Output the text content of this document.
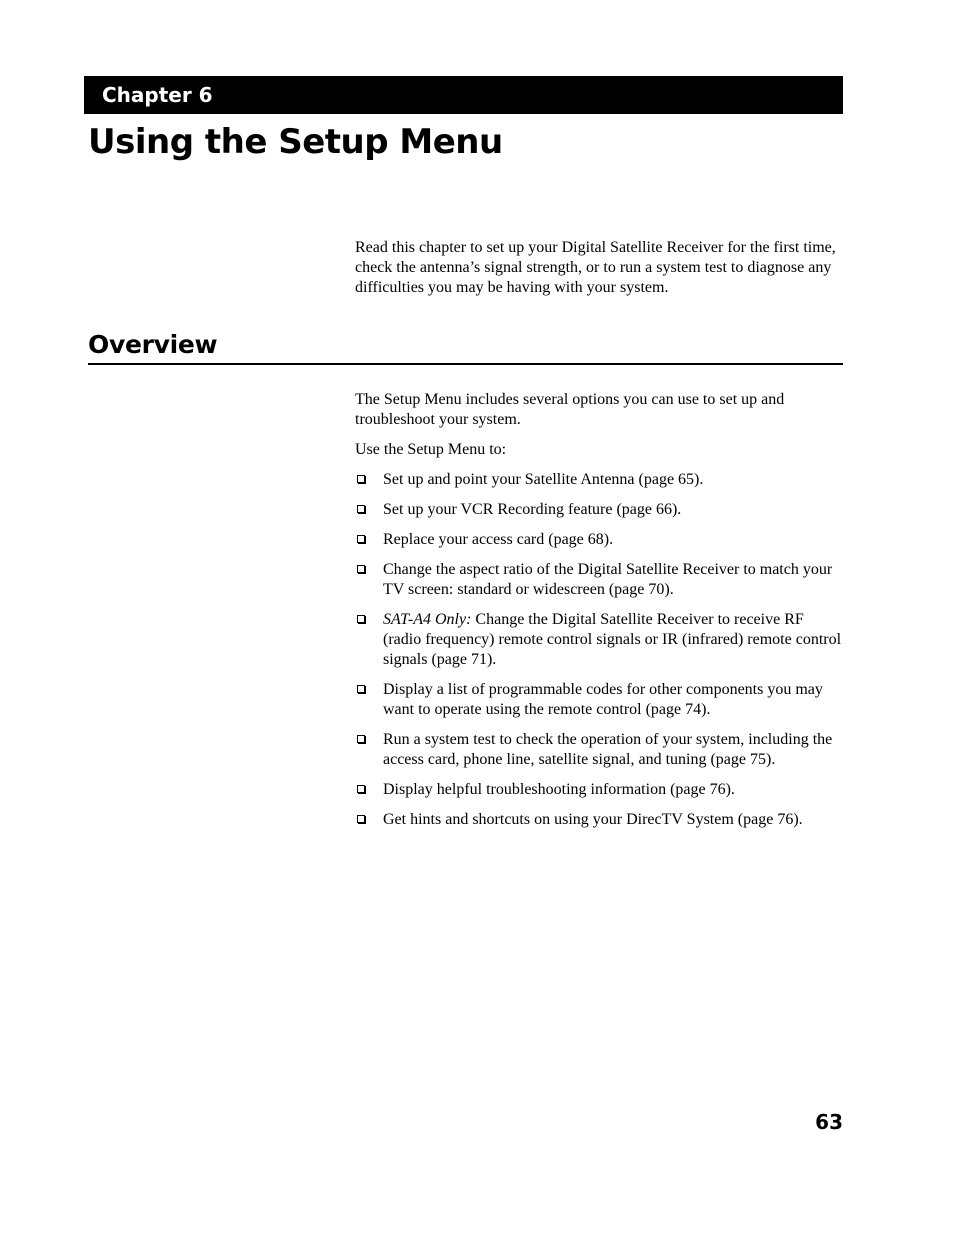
Chapter 6
Using the Setup Menu

Read this chapter to set up your Digital Satellite Receiver for the first time, check the antenna’s signal strength, or to run a system test to diagnose any difficulties you may be having with your system.

Overview

The Setup Menu includes several options you can use to set up and troubleshoot your system.

Use the Setup Menu to:

Set up and point your Satellite Antenna (page 65).
Set up your VCR Recording feature (page 66).
Replace your access card (page 68).
Change the aspect ratio of the Digital Satellite Receiver to match your TV screen: standard or widescreen (page 70).
SAT-A4 Only: Change the Digital Satellite Receiver to receive RF (radio frequency) remote control signals or IR (infrared) remote control signals (page 71).
Display a list of programmable codes for other components you may want to operate using the remote control (page 74).
Run a system test to check the operation of your system, including the access card, phone line, satellite signal, and tuning (page 75).
Display helpful troubleshooting information (page 76).
Get hints and shortcuts on using your DirecTV System (page 76).
63
